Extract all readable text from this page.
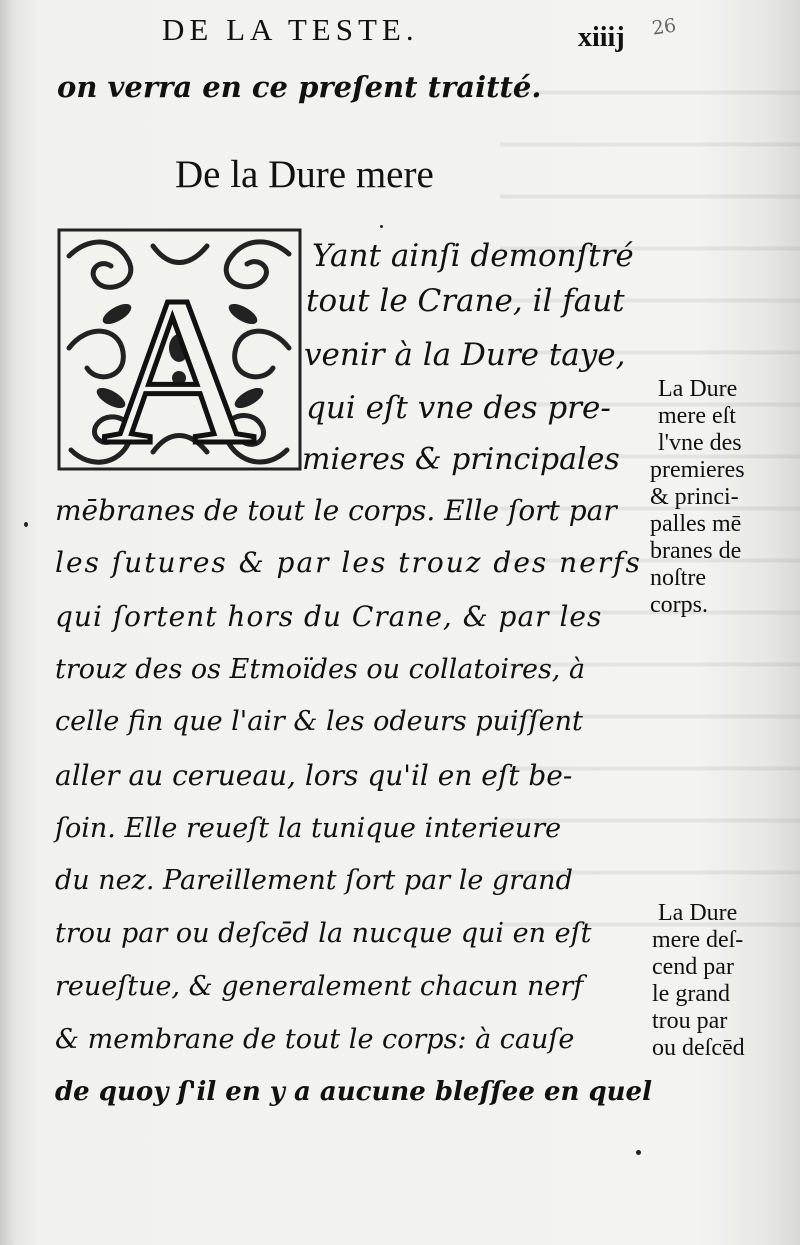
DE LA TESTE.	xiiij 26
on verra en ce preſent traitté.
De la Dure mere
A Yant ainſi demonſtré
tout le Crane, il faut
venir à la Dure taye,
qui eſt vne des pre-
mieres & principales
mēbranes de tout le corps. Elle ſort par
les ſutures & par les trouz des nerfs
qui ſortent hors du Crane, & par les
trouz des os Etmoïdes ou collatoires, à
celle fin que l'air & les odeurs puiſſent
aller au cerueau, lors qu'il en eſt be-
ſoin. Elle reueſt la tunique interieure
du nez. Pareillement ſort par le grand
trou par ou deſcēd la nucque qui en eſt
reueſtue, & generalement chacun nerf
& membrane de tout le corps: à cauſe
de quoy ſ'il en y a aucune bleſſee en quel
La Dure
mere eſt
l'vne des
premieres
& princi-
palles mē
branes de
noſtre
corps.
La Dure
mere deſ-
cend par
le grand
trou par
ou deſcēd
